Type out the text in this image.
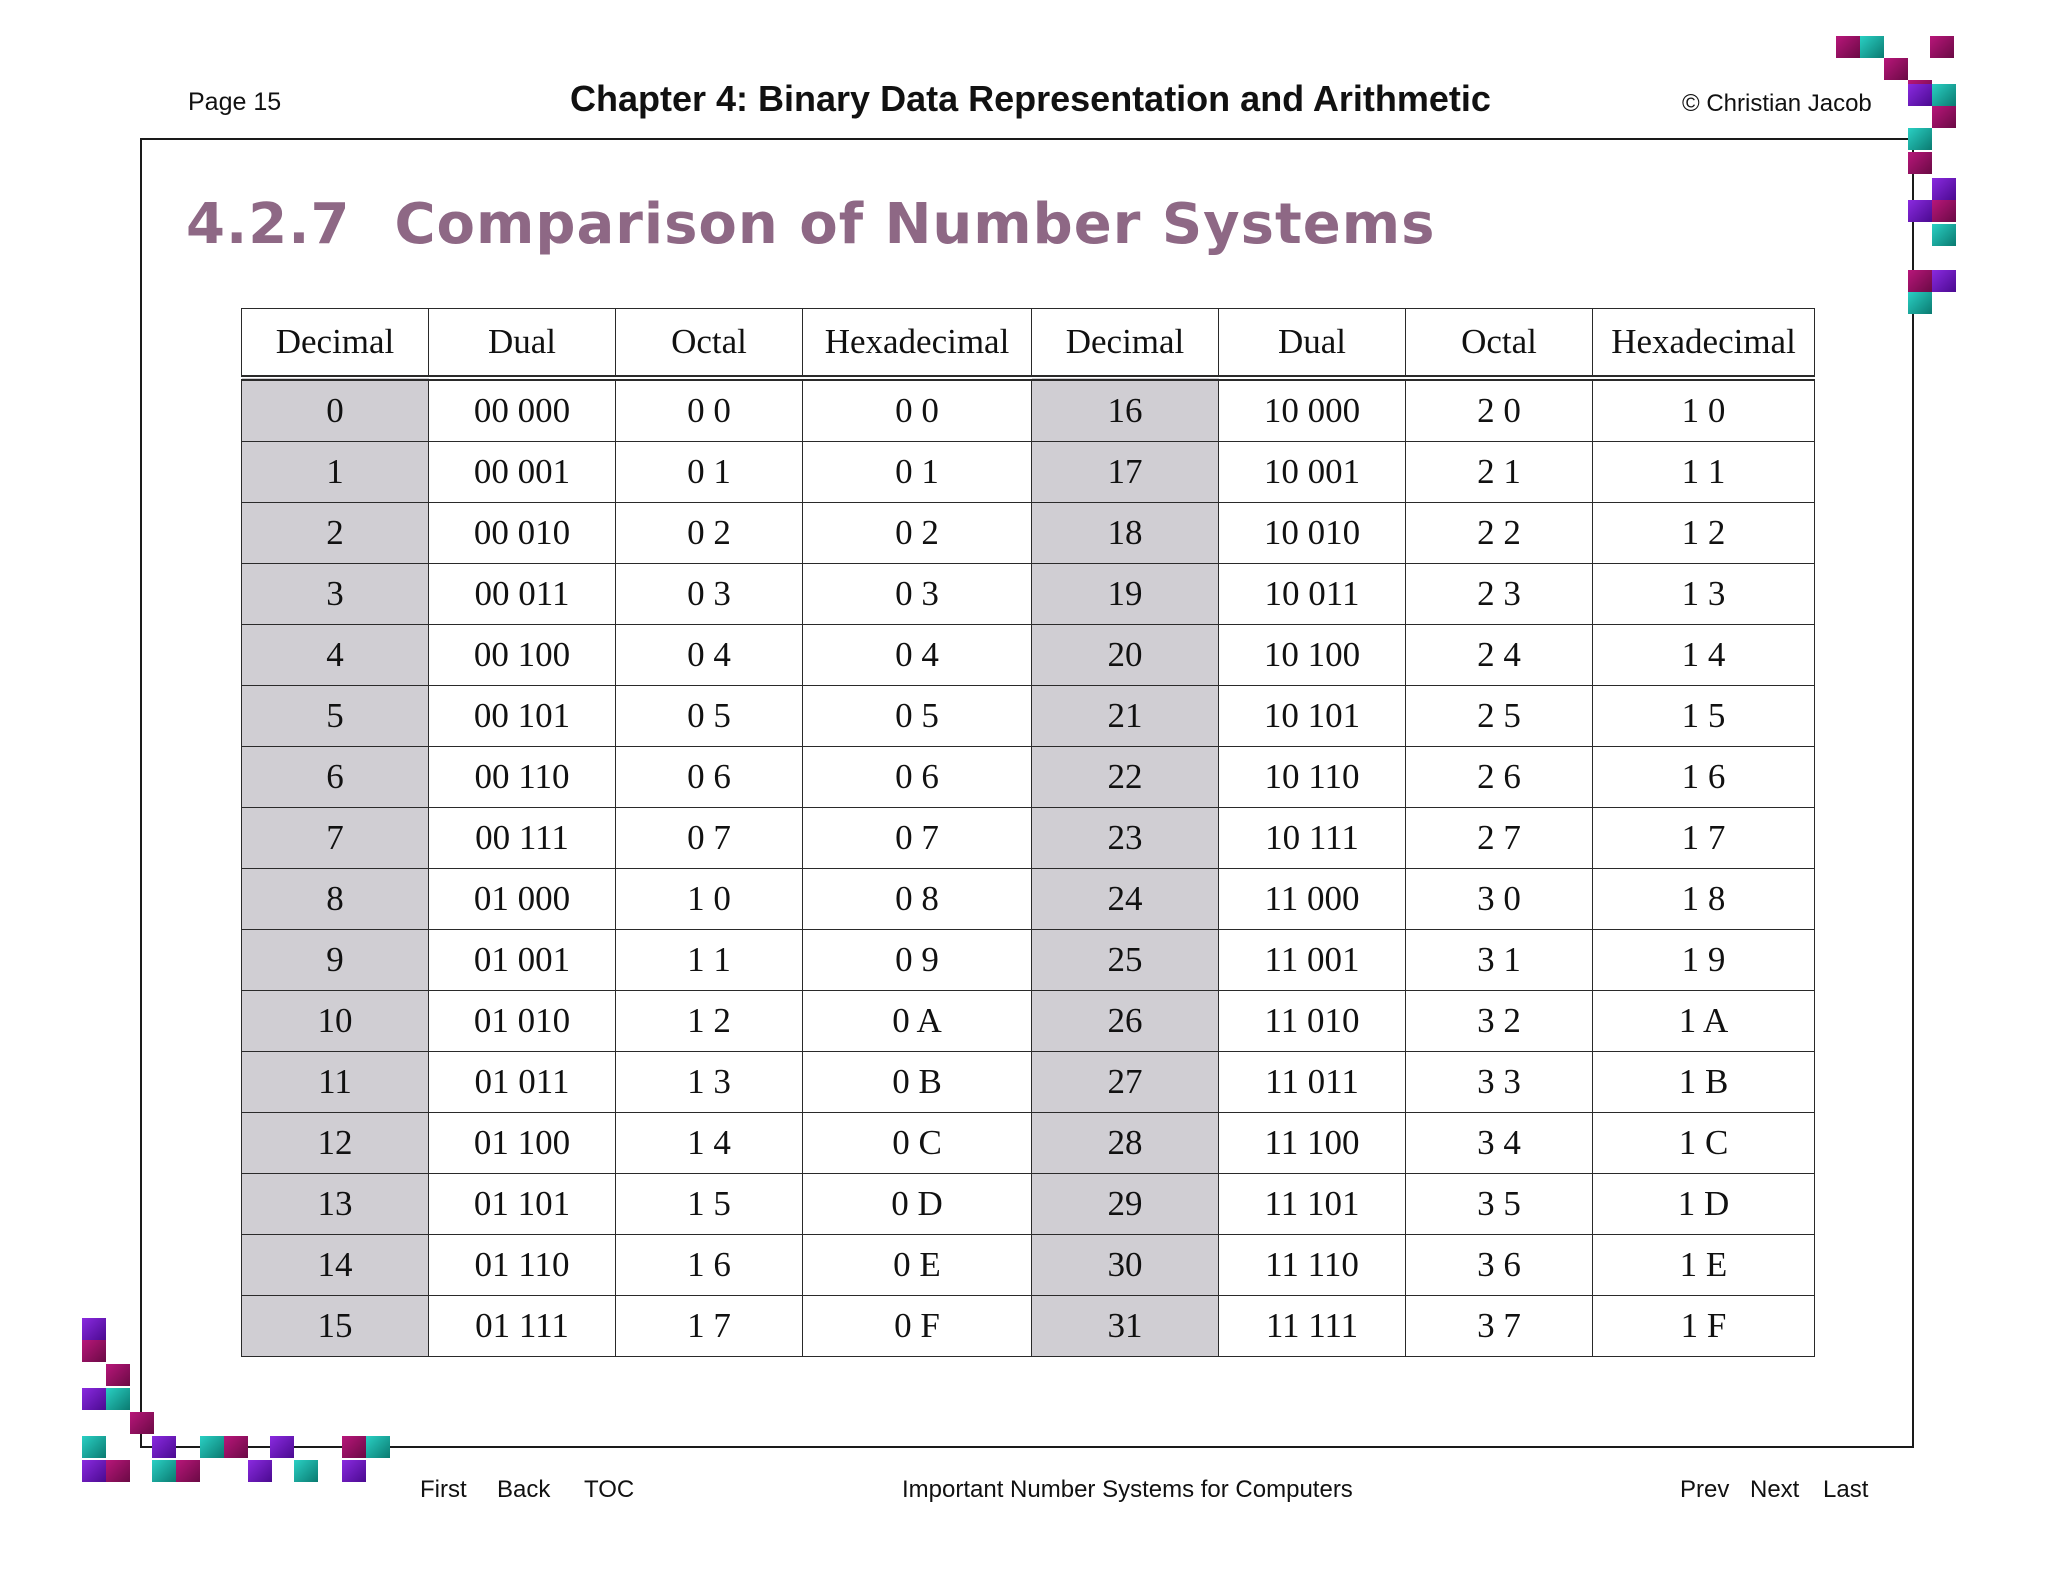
Page 15	Chapter 4: Binary Data Representation and Arithmetic	© Christian Jacob
4.2.7 Comparison of Number Systems
Decimal	Dual	Octal	Hexadecimal	Decimal	Dual	Octal	Hexadecimal
0	00 000	0 0	0 0	16	10 000	2 0	1 0
1	00 001	0 1	0 1	17	10 001	2 1	1 1
2	00 010	0 2	0 2	18	10 010	2 2	1 2
3	00 011	0 3	0 3	19	10 011	2 3	1 3
4	00 100	0 4	0 4	20	10 100	2 4	1 4
5	00 101	0 5	0 5	21	10 101	2 5	1 5
6	00 110	0 6	0 6	22	10 110	2 6	1 6
7	00 111	0 7	0 7	23	10 111	2 7	1 7
8	01 000	1 0	0 8	24	11 000	3 0	1 8
9	01 001	1 1	0 9	25	11 001	3 1	1 9
10	01 010	1 2	0 A	26	11 010	3 2	1 A
11	01 011	1 3	0 B	27	11 011	3 3	1 B
12	01 100	1 4	0 C	28	11 100	3 4	1 C
13	01 101	1 5	0 D	29	11 101	3 5	1 D
14	01 110	1 6	0 E	30	11 110	3 6	1 E
15	01 111	1 7	0 F	31	11 111	3 7	1 F
First Back TOC	Important Number Systems for Computers	Prev Next Last
